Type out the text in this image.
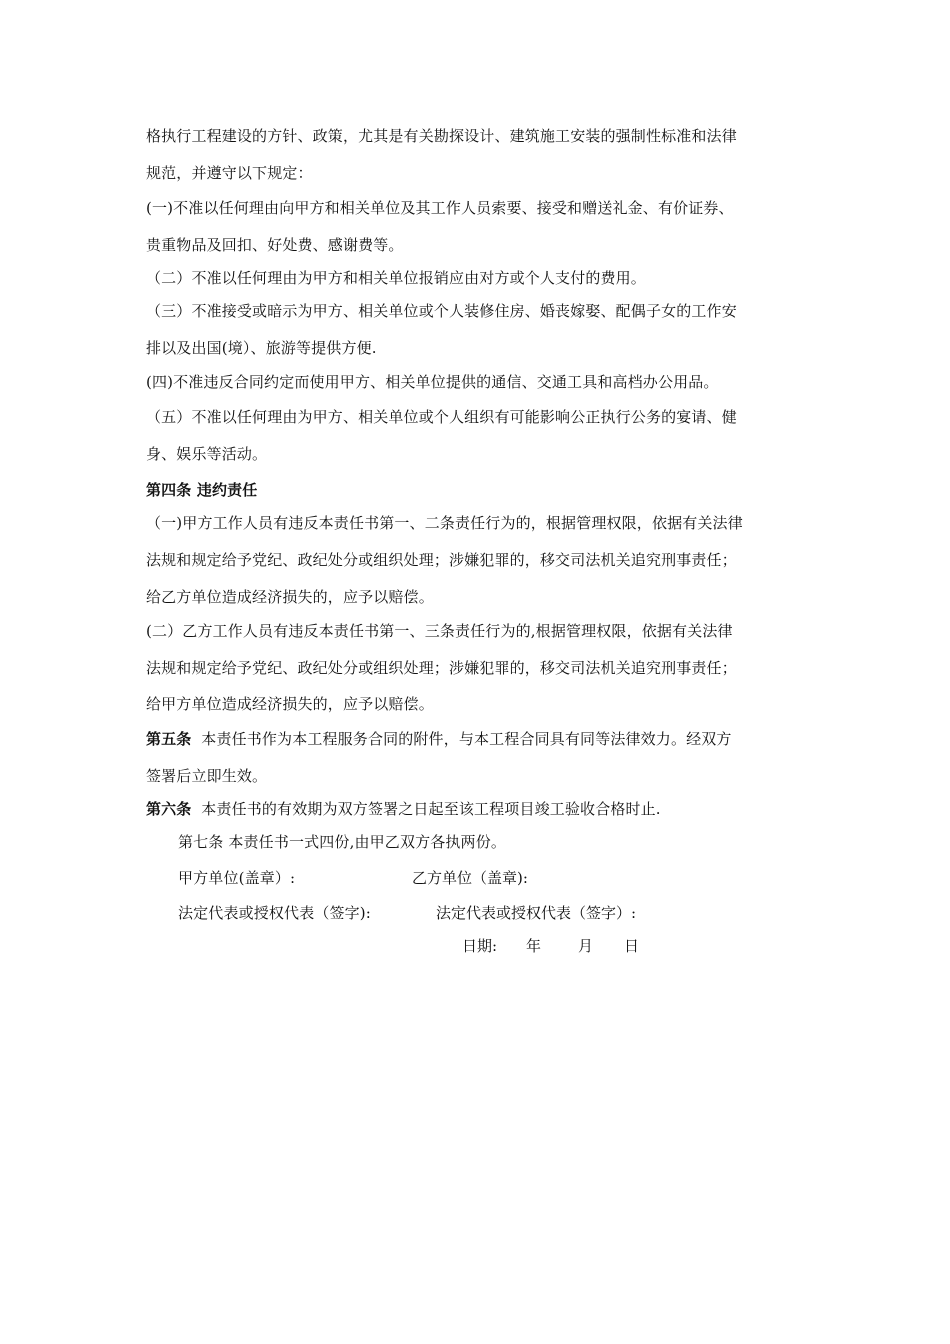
格执行工程建设的方针、政策，尤其是有关勘探设计、建筑施工安装的强制性标准和法律
规范，并遵守以下规定：
(一)不准以任何理由向甲方和相关单位及其工作人员索要、接受和赠送礼金、有价证券、
贵重物品及回扣、好处费、感谢费等。
（二）不准以任何理由为甲方和相关单位报销应由对方或个人支付的费用。
（三）不准接受或暗示为甲方、相关单位或个人装修住房、婚丧嫁娶、配偶子女的工作安
排以及出国(境）、旅游等提供方便.
(四)不准违反合同约定而使用甲方、相关单位提供的通信、交通工具和高档办公用品。
（五）不准以任何理由为甲方、相关单位或个人组织有可能影响公正执行公务的宴请、健
身、娱乐等活动。
第四条 违约责任
（一)甲方工作人员有违反本责任书第一、二条责任行为的，根据管理权限，依据有关法律
法规和规定给予党纪、政纪处分或组织处理；涉嫌犯罪的，移交司法机关追究刑事责任；
给乙方单位造成经济损失的，应予以赔偿。
(二）乙方工作人员有违反本责任书第一、三条责任行为的,根据管理权限，依据有关法律
法规和规定给予党纪、政纪处分或组织处理；涉嫌犯罪的，移交司法机关追究刑事责任；
给甲方单位造成经济损失的，应予以赔偿。
第五条  本责任书作为本工程服务合同的附件，与本工程合同具有同等法律效力。经双方
签署后立即生效。
第六条  本责任书的有效期为双方签署之日起至该工程项目竣工验收合格时止.
第七条 本责任书一式四份,由甲乙双方各执两份。
甲方单位(盖章）:	乙方单位（盖章):
法定代表或授权代表（签字):	法定代表或授权代表（签字）:
日期: 年 月 日
